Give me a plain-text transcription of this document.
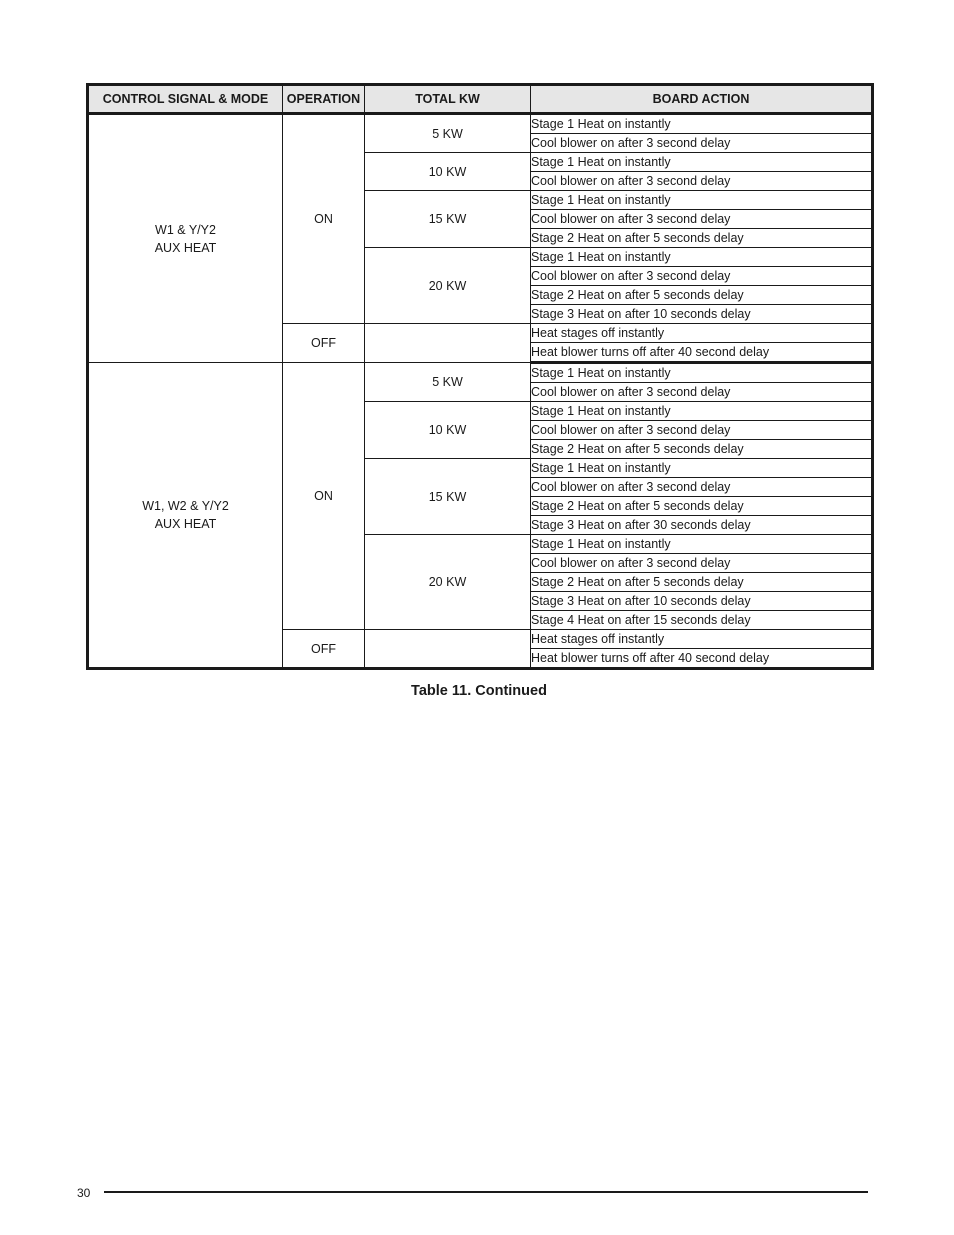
CONTROL SIGNAL & MODE	OPERATION	TOTAL KW	BOARD ACTION

W1 & Y/Y2
AUX HEAT	ON	5 KW	Stage 1 Heat on instantly
			Cool blower on after 3 second delay
		10 KW	Stage 1 Heat on instantly
			Cool blower on after 3 second delay
		15 KW	Stage 1 Heat on instantly
			Cool blower on after 3 second delay
			Stage 2 Heat on after 5 seconds delay
		20 KW	Stage 1 Heat on instantly
			Cool blower on after 3 second delay
			Stage 2 Heat on after 5 seconds delay
			Stage 3 Heat on after 10 seconds delay
	OFF		Heat stages off instantly
			Heat blower turns off after 40 second delay

W1, W2 & Y/Y2
AUX HEAT	ON	5 KW	Stage 1 Heat on instantly
			Cool blower on after 3 second delay
		10 KW	Stage 1 Heat on instantly
			Cool blower on after 3 second delay
			Stage 2 Heat on after 5 seconds delay
		15 KW	Stage 1 Heat on instantly
			Cool blower on after 3 second delay
			Stage 2 Heat on after 5 seconds delay
			Stage 3 Heat on after 30 seconds delay
		20 KW	Stage 1 Heat on instantly
			Cool blower on after 3 second delay
			Stage 2 Heat on after 5 seconds delay
			Stage 3 Heat on after 10 seconds delay
			Stage 4 Heat on after 15 seconds delay
	OFF		Heat stages off instantly
			Heat blower turns off after 40 second delay
Table 11. Continued
30
